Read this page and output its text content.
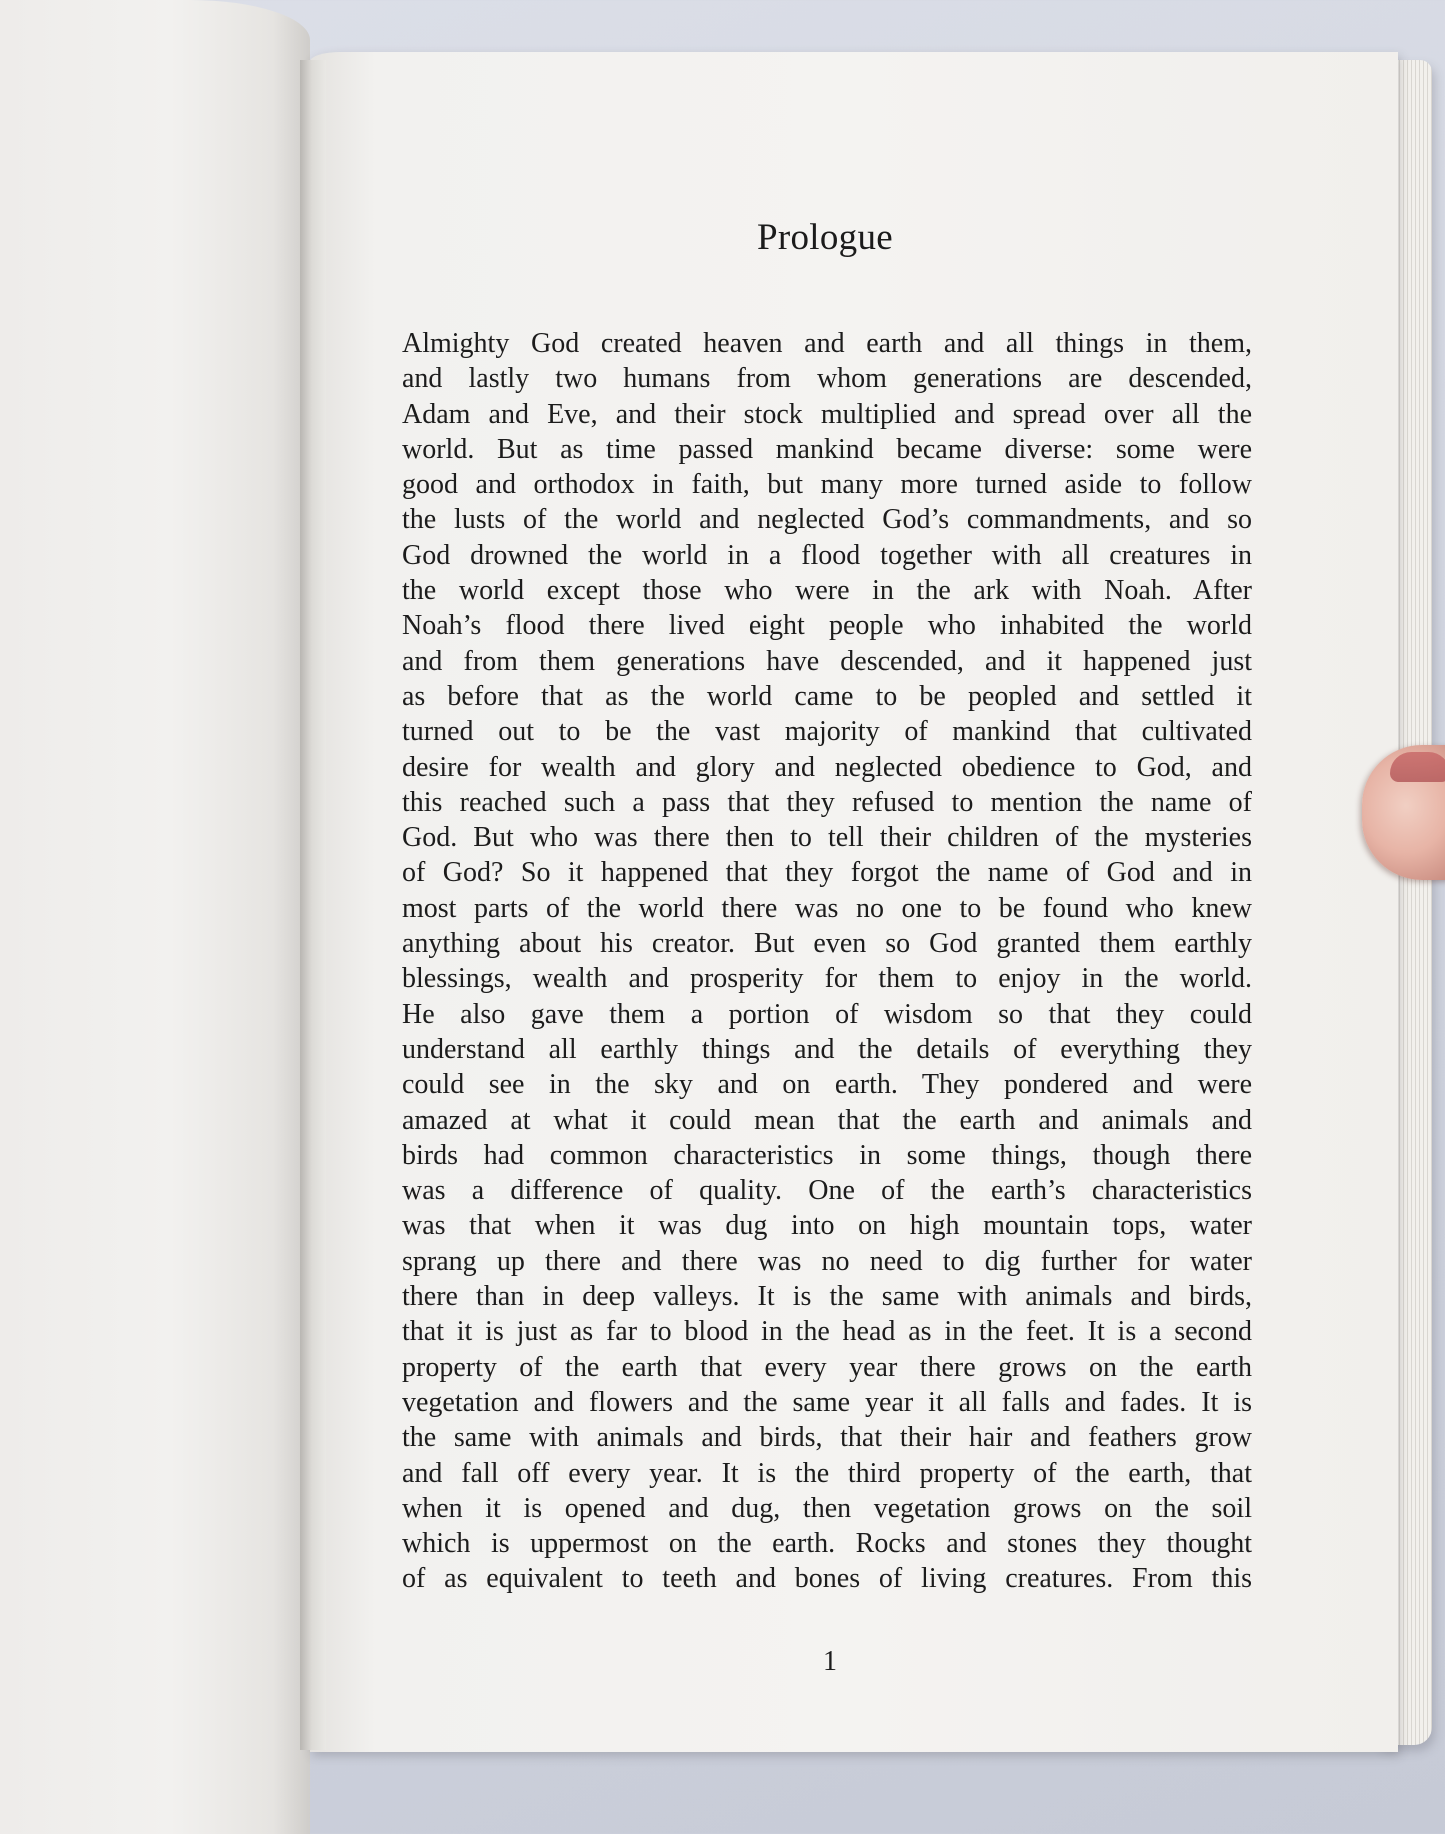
Prologue
Almighty God created heaven and earth and all things in them,
and lastly two humans from whom generations are descended,
Adam and Eve, and their stock multiplied and spread over all the
world. But as time passed mankind became diverse: some were
good and orthodox in faith, but many more turned aside to follow
the lusts of the world and neglected God’s commandments, and so
God drowned the world in a flood together with all creatures in
the world except those who were in the ark with Noah. After
Noah’s flood there lived eight people who inhabited the world
and from them generations have descended, and it happened just
as before that as the world came to be peopled and settled it
turned out to be the vast majority of mankind that cultivated
desire for wealth and glory and neglected obedience to God, and
this reached such a pass that they refused to mention the name of
God. But who was there then to tell their children of the mysteries
of God? So it happened that they forgot the name of God and in
most parts of the world there was no one to be found who knew
anything about his creator. But even so God granted them earthly
blessings, wealth and prosperity for them to enjoy in the world.
He also gave them a portion of wisdom so that they could
understand all earthly things and the details of everything they
could see in the sky and on earth. They pondered and were
amazed at what it could mean that the earth and animals and
birds had common characteristics in some things, though there
was a difference of quality. One of the earth’s characteristics
was that when it was dug into on high mountain tops, water
sprang up there and there was no need to dig further for water
there than in deep valleys. It is the same with animals and birds,
that it is just as far to blood in the head as in the feet. It is a second
property of the earth that every year there grows on the earth
vegetation and flowers and the same year it all falls and fades. It is
the same with animals and birds, that their hair and feathers grow
and fall off every year. It is the third property of the earth, that
when it is opened and dug, then vegetation grows on the soil
which is uppermost on the earth. Rocks and stones they thought
of as equivalent to teeth and bones of living creatures. From this
1
